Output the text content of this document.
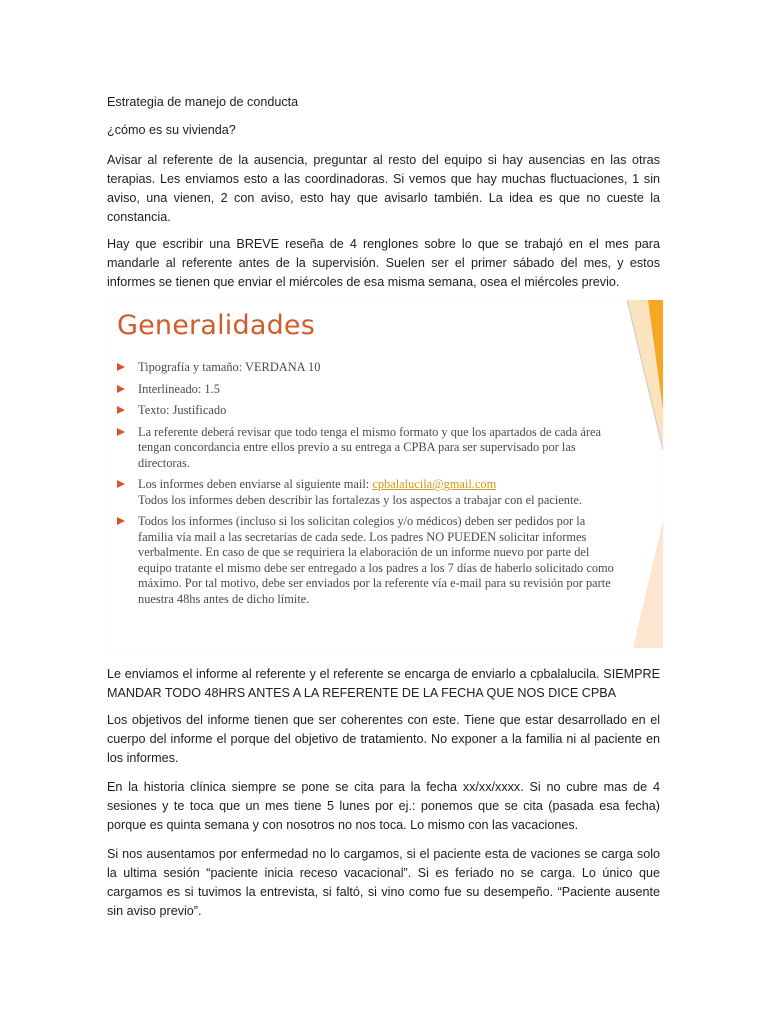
Estrategia de manejo de conducta

¿cómo es su vivienda?

Avisar al referente de la ausencia, preguntar al resto del equipo si hay ausencias en las otras terapias. Les enviamos esto a las coordinadoras. Si vemos que hay muchas fluctuaciones, 1 sin aviso, una vienen, 2 con aviso, esto hay que avisarlo también. La idea es que no cueste la constancia.

Hay que escribir una BREVE reseña de 4 renglones sobre lo que se trabajó en el mes para mandarle al referente antes de la supervisión. Suelen ser el primer sábado del mes, y estos informes se tienen que enviar el miércoles de esa misma semana, osea el miércoles previo.

Generalidades
Tipografía y tamaño: VERDANA 10
Interlineado: 1.5
Texto: Justificado
La referente deberá revisar que todo tenga el mismo formato y que los apartados de cada área tengan concordancia entre ellos previo a su entrega a CPBA para ser supervisado por las directoras.
Los informes deben enviarse al siguiente mail: cpbalalucila@gmail.com
Todos los informes deben describir las fortalezas y los aspectos a trabajar con el paciente.
Todos los informes (incluso si los solicitan colegios y/o médicos) deben ser pedidos por la familia vía mail a las secretarías de cada sede. Los padres NO PUEDEN solicitar informes verbalmente. En caso de que se requiriera la elaboración de un informe nuevo por parte del equipo tratante el mismo debe ser entregado a los padres a los 7 días de haberlo solicitado como máximo. Por tal motivo, debe ser enviados por la referente vía e-mail para su revisión por parte nuestra 48hs antes de dicho límite.

Le enviamos el informe al referente y el referente se encarga de enviarlo a cpbalalucila. SIEMPRE MANDAR TODO 48HRS ANTES A LA REFERENTE DE LA FECHA QUE NOS DICE CPBA

Los objetivos del informe tienen que ser coherentes con este. Tiene que estar desarrollado en el cuerpo del informe el porque del objetivo de tratamiento. No exponer a la familia ni al paciente en los informes.

En la historia clínica siempre se pone se cita para la fecha xx/xx/xxxx. Si no cubre mas de 4 sesiones y te toca que un mes tiene 5 lunes por ej.: ponemos que se cita (pasada esa fecha) porque es quinta semana y con nosotros no nos toca. Lo mismo con las vacaciones.

Si nos ausentamos por enfermedad no lo cargamos, si el paciente esta de vaciones se carga solo la ultima sesión “paciente inicia receso vacacional”. Si es feriado no se carga. Lo único que cargamos es si tuvimos la entrevista, si faltó, si vino como fue su desempeño. “Paciente ausente sin aviso previo”.
